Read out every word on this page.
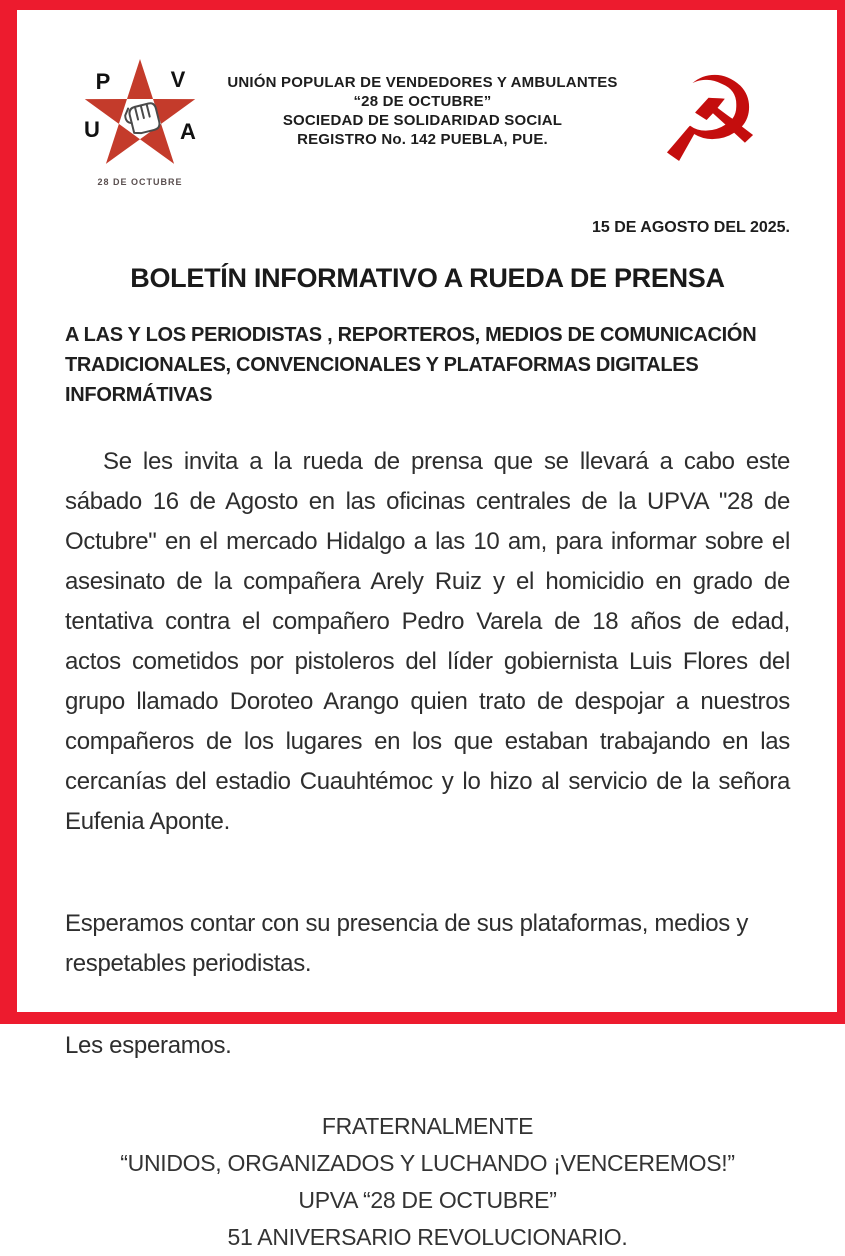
P	V
U	A
28 DE OCTUBRE
UNIÓN POPULAR DE VENDEDORES Y AMBULANTES
“28 DE OCTUBRE”
SOCIEDAD DE SOLIDARIDAD SOCIAL
REGISTRO No. 142 PUEBLA, PUE. ☭
15 DE AGOSTO DEL 2025.
BOLETÍN INFORMATIVO A RUEDA DE PRENSA
A LAS Y LOS PERIODISTAS , REPORTEROS, MEDIOS DE COMUNICACIÓN TRADICIONALES, CONVENCIONALES Y PLATAFORMAS DIGITALES INFORMÁTIVAS

Se les invita a la rueda de prensa que se llevará a cabo este sábado 16 de Agosto en las oficinas centrales de la UPVA "28 de Octubre" en el mercado Hidalgo a las 10 am, para informar sobre el asesinato de la compañera Arely Ruiz y el homicidio en grado de tentativa contra el compañero Pedro Varela de 18 años de edad, actos cometidos por pistoleros del líder gobiernista Luis Flores del grupo llamado Doroteo Arango quien trato de despojar a nuestros compañeros de los lugares en los que estaban trabajando en las cercanías del estadio Cuauhtémoc y lo hizo al servicio de la señora Eufenia Aponte.

Esperamos contar con su presencia de sus plataformas, medios y respetables periodistas.

Les esperamos.

FRATERNALMENTE
“UNIDOS, ORGANIZADOS Y LUCHANDO ¡VENCEREMOS!”
UPVA “28 DE OCTUBRE”
51 ANIVERSARIO REVOLUCIONARIO.
